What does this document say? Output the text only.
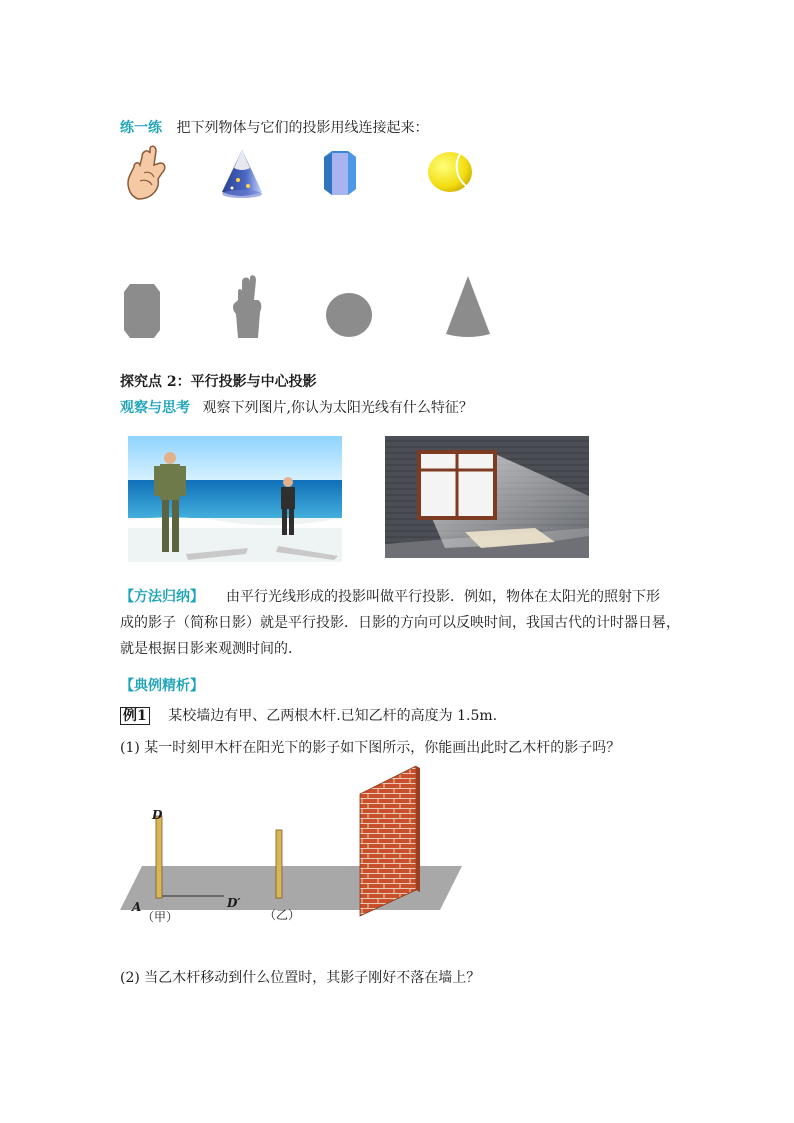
练一练 把下列物体与它们的投影用线连接起来：
探究点 2：平行投影与中心投影
观察与思考 观察下列图片,你认为太阳光线有什么特征？
【方法归纳】 由平行光线形成的投影叫做平行投影．例如，物体在太阳光的照射下形
成的影子（简称日影）就是平行投影．日影的方向可以反映时间，我国古代的计时器日晷，
就是根据日影来观测时间的．
【典例精析】
例1 某校墙边有甲、乙两根木杆.已知乙杆的高度为 1.5m.
(1) 某一时刻甲木杆在阳光下的影子如下图所示，你能画出此时乙木杆的影子吗？
D
A	D′
（甲）	（乙）
(2) 当乙木杆移动到什么位置时，其影子刚好不落在墙上？
